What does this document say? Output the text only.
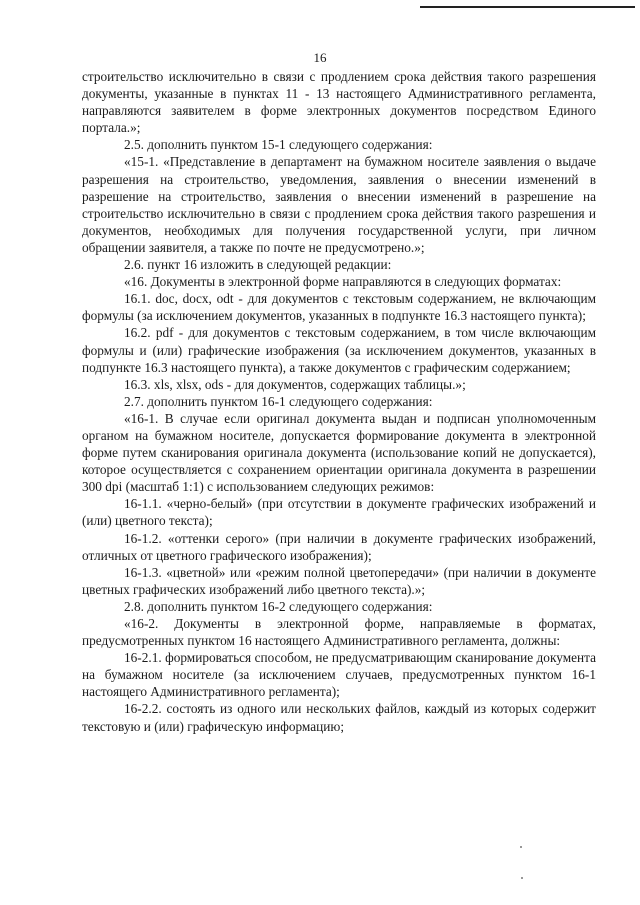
16

строительство исключительно в связи с продлением срока действия такого разрешения документы, указанные в пунктах 11 - 13 настоящего Административного регламента, направляются заявителем в форме электронных документов посредством Единого портала.»;

2.5. дополнить пунктом 15-1 следующего содержания:

«15-1. «Представление в департамент на бумажном носителе заявления о выдаче разрешения на строительство, уведомления, заявления о внесении изменений в разрешение на строительство, заявления о внесении изменений в разрешение на строительство исключительно в связи с продлением срока действия такого разрешения и документов, необходимых для получения государственной услуги, при личном обращении заявителя, а также по почте не предусмотрено.»;

2.6. пункт 16 изложить в следующей редакции:

«16. Документы в электронной форме направляются в следующих форматах:

16.1. doc, docx, odt - для документов с текстовым содержанием, не включающим формулы (за исключением документов, указанных в подпункте 16.3 настоящего пункта);

16.2. pdf - для документов с текстовым содержанием, в том числе включающим формулы и (или) графические изображения (за исключением документов, указанных в подпункте 16.3 настоящего пункта), а также документов с графическим содержанием;

16.3. xls, xlsx, ods - для документов, содержащих таблицы.»;

2.7. дополнить пунктом 16-1 следующего содержания:

«16-1. В случае если оригинал документа выдан и подписан уполномоченным органом на бумажном носителе, допускается формирование документа в электронной форме путем сканирования оригинала документа (использование копий не допускается), которое осуществляется с сохранением ориентации оригинала документа в разрешении 300 dpi (масштаб 1:1) с использованием следующих режимов:

16-1.1. «черно-белый» (при отсутствии в документе графических изображений и (или) цветного текста);

16-1.2. «оттенки серого» (при наличии в документе графических изображений, отличных от цветного графического изображения);

16-1.3. «цветной» или «режим полной цветопередачи» (при наличии в документе цветных графических изображений либо цветного текста).»;

2.8. дополнить пунктом 16-2 следующего содержания:

«16-2. Документы в электронной форме, направляемые в форматах, предусмотренных пунктом 16 настоящего Административного регламента, должны:

16-2.1. формироваться способом, не предусматривающим сканирование документа на бумажном носителе (за исключением случаев, предусмотренных пунктом 16-1 настоящего Административного регламента);

16-2.2. состоять из одного или нескольких файлов, каждый из которых содержит текстовую и (или) графическую информацию;
